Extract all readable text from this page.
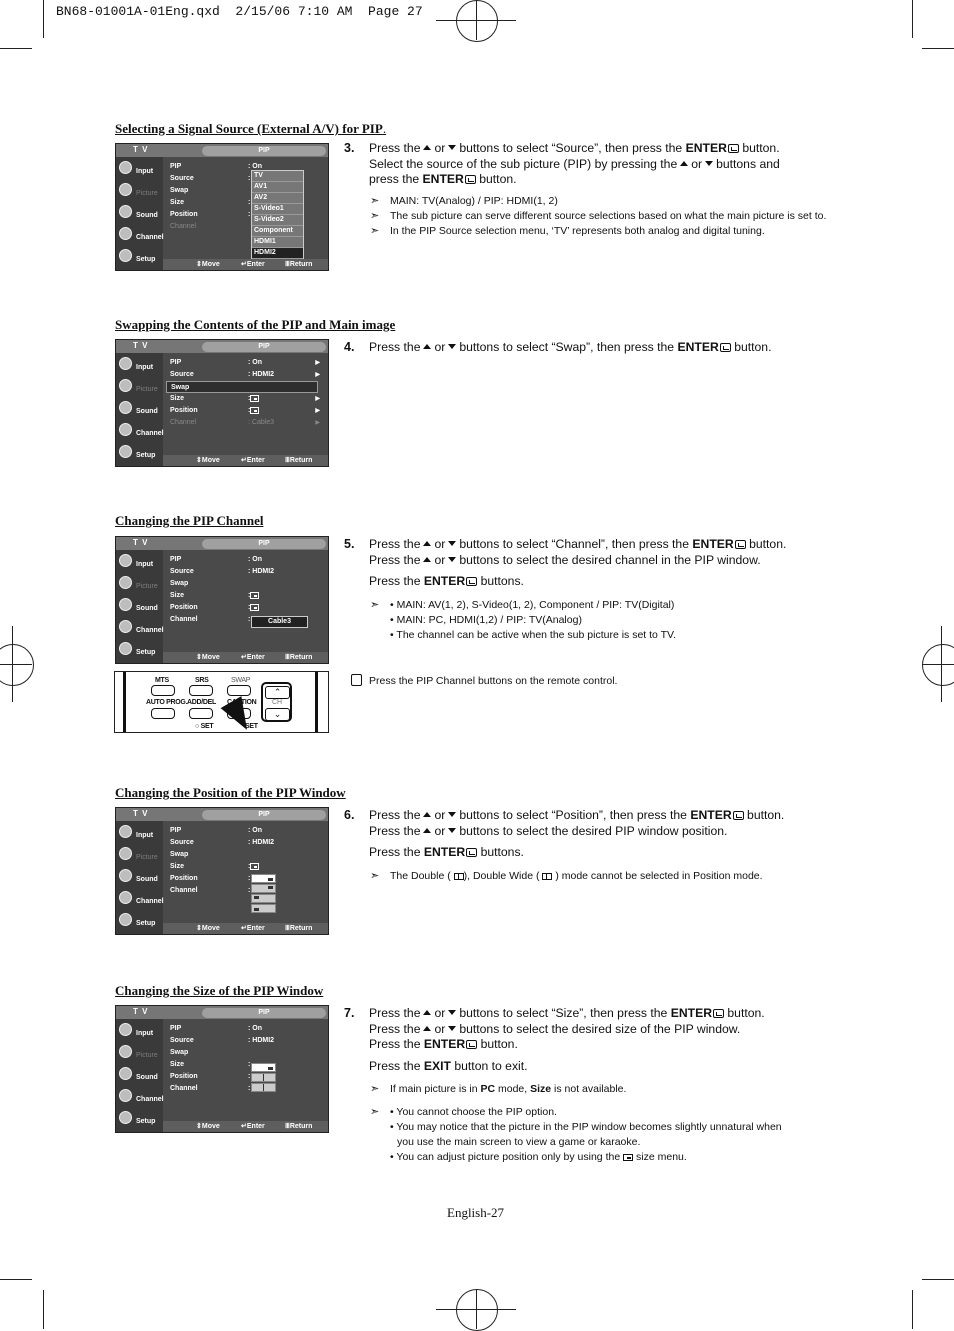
BN68-01001A-01Eng.qxd  2/15/06 7:10 AM  Page 27
Selecting a Signal Source (External A/V) for PIP.
T V	PIP
Input
Picture
Sound
Channel
Setup
PIP	: On
Source	:
Swap
Size	:
Position	:
Channel
TV
AV1
AV2
S-Video1
S-Video2
Component
HDMI1
HDMI2
⇕ Move	↵ Enter	Ⅲ Return
3. Press the or buttons to select “Source”, then press the ENTER button.
Select the source of the sub picture (PIP) by pressing the or buttons and
press the ENTER button.
➣ MAIN: TV(Analog) / PIP: HDMI(1, 2)
➣ The sub picture can serve different source selections based on what the main picture is set to.
➣ In the PIP Source selection menu, ‘TV’ represents both analog and digital tuning.
Swapping the Contents of the PIP and Main image
T V	PIP
Input
Picture
Sound
Channel
Setup
PIP	: On	▶
Source	: HDMI2	▶
Swap
Size	:	▶
Position	:	▶
Channel	: Cable3	▶
⇕ Move	↵ Enter	Ⅲ Return
4. Press the or buttons to select “Swap”, then press the ENTER button.
Changing the PIP Channel
T V	PIP
Input
Picture
Sound
Channel
Setup
PIP	: On
Source	: HDMI2
Swap
Size	:
Position	:
Channel	:	Cable3
⇕ Move	↵ Enter	Ⅲ Return
MTS	SRS	SWAP
AUTO PROG. ADD/DEL CAPTION
○ SET	SET
⌃
CH
⌄
5. Press the or buttons to select “Channel”, then press the ENTER button.
Press the or buttons to select the desired channel in the PIP window.
Press the ENTER buttons.
➣ • MAIN: AV(1, 2), S-Video(1, 2), Component / PIP: TV(Digital)
• MAIN: PC, HDMI(1,2) / PIP: TV(Analog)
• The channel can be active when the sub picture is set to TV.
Press the PIP Channel buttons on the remote control.
Changing the Position of the PIP Window
T V	PIP
Input
Picture
Sound
Channel
Setup
PIP	: On
Source	: HDMI2
Swap
Size	:
Position	:
Channel	:
⇕ Move	↵ Enter	Ⅲ Return
6. Press the or buttons to select “Position”, then press the ENTER button.
Press the or buttons to select the desired PIP window position.
Press the ENTER buttons.
➣ The Double ( ), Double Wide ( ) mode cannot be selected in Position mode.
Changing the Size of the PIP Window
T V	PIP
Input
Picture
Sound
Channel
Setup
PIP	: On
Source	: HDMI2
Swap
Size	:
Position	:
Channel	:
⇕ Move	↵ Enter	Ⅲ Return
7. Press the or buttons to select “Size”, then press the ENTER button.
Press the or buttons to select the desired size of the PIP window.
Press the ENTER button.
Press the EXIT button to exit.
➣ If main picture is in PC mode, Size is not available.
➣ • You cannot choose the PIP option.
• You may notice that the picture in the PIP window becomes slightly unnatural when
you use the main screen to view a game or karaoke.
• You can adjust picture position only by using the size menu.
English-27
